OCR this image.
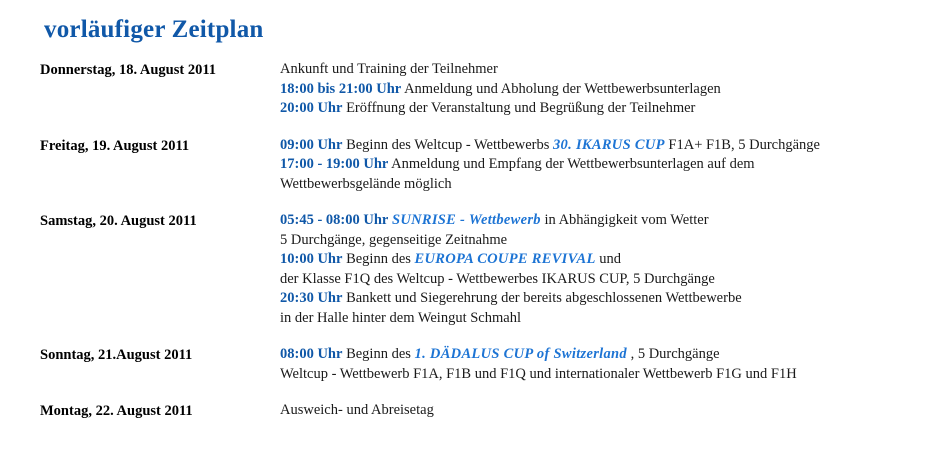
vorläufiger Zeitplan
Donnerstag, 18. August 2011	Ankunft und Training der Teilnehmer
18:00 bis 21:00 Uhr Anmeldung und Abholung der Wettbewerbsunterlagen
20:00 Uhr Eröffnung der Veranstaltung und Begrüßung der Teilnehmer
Freitag, 19. August 2011	09:00 Uhr Beginn des Weltcup - Wettbewerbs 30. IKARUS CUP F1A+ F1B, 5 Durchgänge
17:00 - 19:00 Uhr Anmeldung und Empfang der Wettbewerbsunterlagen auf dem
Wettbewerbsgelände möglich
Samstag, 20. August 2011	05:45 - 08:00 Uhr SUNRISE - Wettbewerb in Abhängigkeit vom Wetter
5 Durchgänge, gegenseitige Zeitnahme
10:00 Uhr Beginn des EUROPA COUPE REVIVAL und
der Klasse F1Q des Weltcup - Wettbewerbes IKARUS CUP, 5 Durchgänge
20:30 Uhr Bankett und Siegerehrung der bereits abgeschlossenen Wettbewerbe
in der Halle hinter dem Weingut Schmahl
Sonntag, 21.August 2011	08:00 Uhr Beginn des 1. DÄDALUS CUP of Switzerland , 5 Durchgänge
Weltcup - Wettbewerb F1A, F1B und F1Q und internationaler Wettbewerb F1G und F1H
Montag, 22. August 2011	Ausweich- und Abreisetag
